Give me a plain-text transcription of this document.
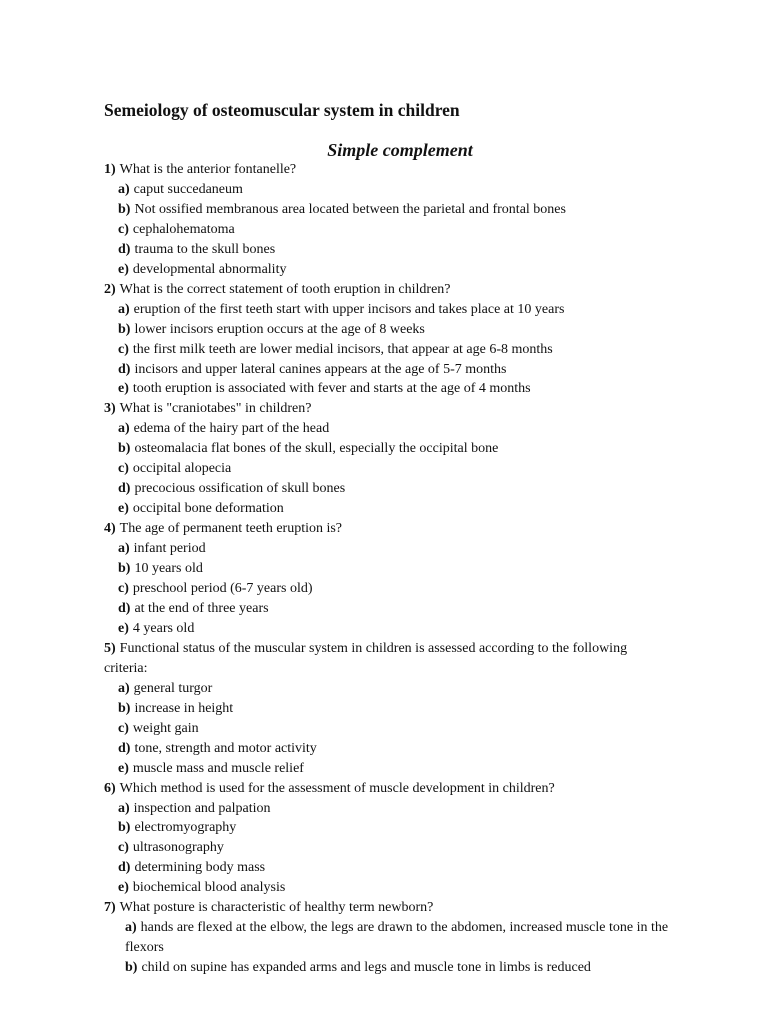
Semeiology of osteomuscular system in children
Simple complement
1) What is the anterior fontanelle?
a) caput succedaneum
b) Not ossified membranous area located between the parietal and frontal bones
c) cephalohematoma
d) trauma to the skull bones
e) developmental abnormality
2) What is the correct statement of tooth eruption in children?
a) eruption of the first teeth start with upper incisors and takes place at 10 years
b) lower incisors eruption occurs at the age of 8 weeks
c) the first milk teeth are lower medial incisors, that appear at age 6-8 months
d) incisors and upper lateral canines appears at the age of 5-7 months
e) tooth eruption is associated with fever and starts at the age of 4 months
3) What is "craniotabes" in children?
a) edema of the hairy part of the head
b) osteomalacia flat bones of the skull, especially the occipital bone
c) occipital alopecia
d) precocious ossification of skull bones
e) occipital bone deformation
4) The age of permanent teeth eruption is?
a) infant period
b) 10 years old
c) preschool period (6-7 years old)
d) at the end of three years
e) 4 years old
5) Functional status of the muscular system in children is assessed according to the following criteria:
a) general turgor
b) increase in height
c) weight gain
d) tone, strength and motor activity
e) muscle mass and muscle relief
6) Which method is used for the assessment of muscle development in children?
a) inspection and palpation
b) electromyography
c) ultrasonography
d) determining body mass
e) biochemical blood analysis
7) What posture is characteristic of healthy term newborn?
a) hands are flexed at the elbow, the legs are drawn to the abdomen, increased muscle tone in the flexors
b) child on supine has expanded arms and legs and muscle tone in limbs is reduced
